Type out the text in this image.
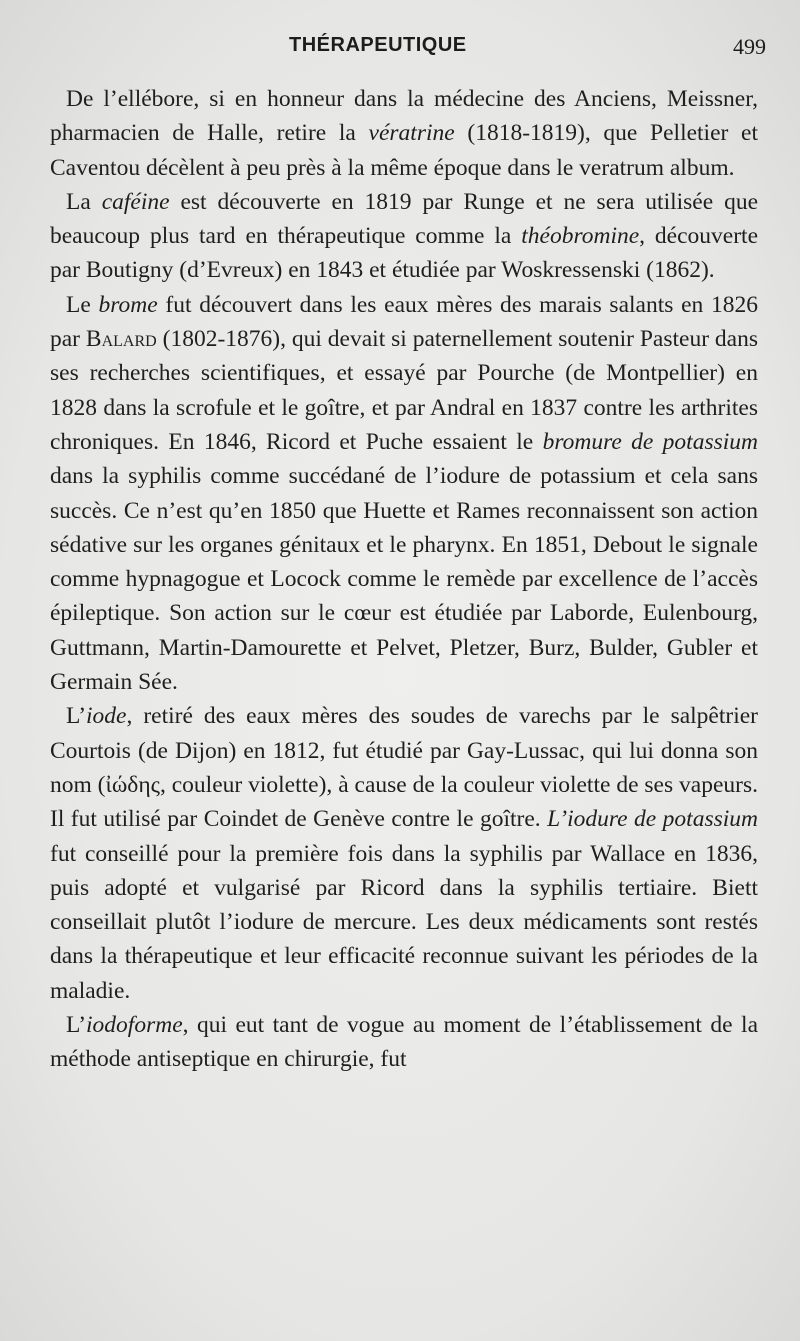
THÉRAPEUTIQUE	499

De l’ellébore, si en honneur dans la médecine des Anciens, Meissner, pharmacien de Halle, retire la vératrine (1818-1819), que Pelletier et Caventou décèlent à peu près à la même époque dans le veratrum album.

La caféine est découverte en 1819 par Runge et ne sera utilisée que beaucoup plus tard en thérapeutique comme la théobromine, découverte par Boutigny (d’Evreux) en 1843 et étudiée par Woskressenski (1862).

Le brome fut découvert dans les eaux mères des marais salants en 1826 par Balard (1802-1876), qui devait si paternellement soutenir Pasteur dans ses recherches scientifiques, et essayé par Pourche (de Montpellier) en 1828 dans la scrofule et le goître, et par Andral en 1837 contre les arthrites chroniques. En 1846, Ricord et Puche essaient le bromure de potassium dans la syphilis comme succédané de l’iodure de potassium et cela sans succès. Ce n’est qu’en 1850 que Huette et Rames reconnaissent son action sédative sur les organes génitaux et le pharynx. En 1851, Debout le signale comme hypnagogue et Locock comme le remède par excellence de l’accès épileptique. Son action sur le cœur est étudiée par Laborde, Eulenbourg, Guttmann, Martin-Damourette et Pelvet, Pletzer, Burz, Bulder, Gubler et Germain Sée.

L’iode, retiré des eaux mères des soudes de varechs par le salpêtrier Courtois (de Dijon) en 1812, fut étudié par Gay-Lussac, qui lui donna son nom (ἰώδης, couleur violette), à cause de la couleur violette de ses vapeurs. Il fut utilisé par Coindet de Genève contre le goître. L’iodure de potassium fut conseillé pour la première fois dans la syphilis par Wallace en 1836, puis adopté et vulgarisé par Ricord dans la syphilis tertiaire. Biett conseillait plutôt l’iodure de mercure. Les deux médicaments sont restés dans la thérapeutique et leur efficacité reconnue suivant les périodes de la maladie.

L’iodoforme, qui eut tant de vogue au moment de l’établissement de la méthode antiseptique en chirurgie, fut
